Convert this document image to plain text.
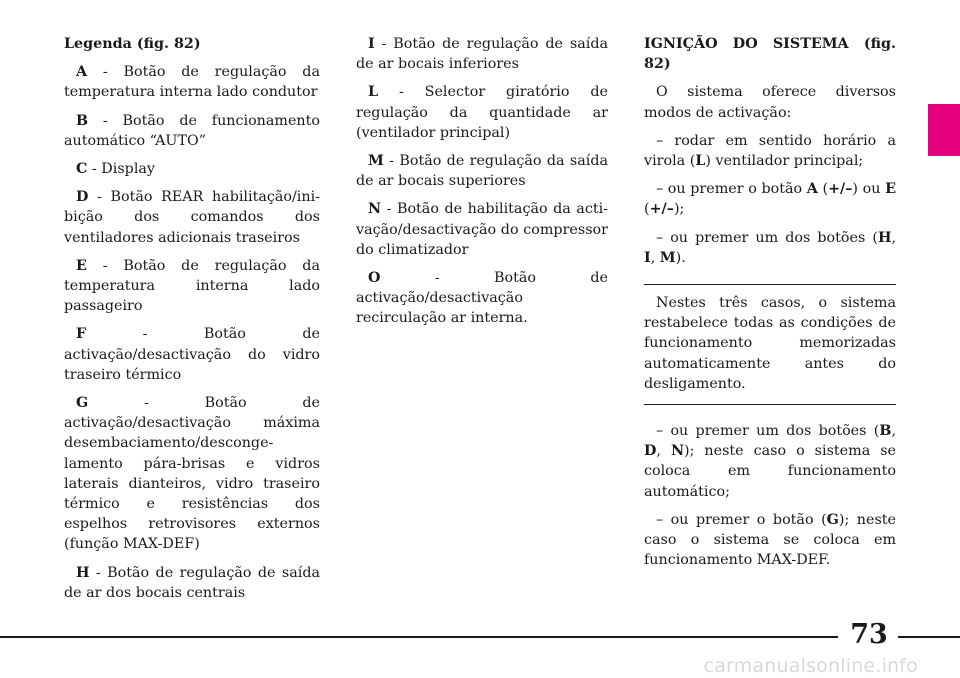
Legenda (fig. 82)

A - Botão de regulação da temperatura interna lado condutor

B - Botão de funcionamento automático “AUTO”

C - Display

D - Botão REAR habilitação/inibição dos comandos dos ventiladores adicionais traseiros

E - Botão de regulação da temperatura interna lado passageiro

F - Botão de activação/desactivação do vidro traseiro térmico

G - Botão de activação/desactivação máxima desembaciamento/descongelamento pára-brisas e vidros laterais dianteiros, vidro traseiro térmico e resistências dos espelhos retrovisores externos (função MAX-DEF)

H - Botão de regulação de saída de ar dos bocais centrais

I - Botão de regulação de saída de ar bocais inferiores

L - Selector giratório de regulação da quantidade ar (ventilador principal)

M - Botão de regulação da saída de ar bocais superiores

N - Botão de habilitação da activação/desactivação do compressor do climatizador

O - Botão de activação/desactivação recirculação ar interna.

IGNIÇÃO DO SISTEMA (fig. 82)

O sistema oferece diversos modos de activação:

– rodar em sentido horário a virola (L) ventilador principal;

– ou premer o botão A (+/–) ou E (+/–);

– ou premer um dos botões (H, I, M).

Nestes três casos, o sistema restabelece todas as condições de funcionamento memorizadas automaticamente antes do desligamento.

– ou premer um dos botões (B, D, N); neste caso o sistema se coloca em funcionamento automático;

– ou premer o botão (G); neste caso o sistema se coloca em funcionamento MAX-DEF.

73
carmanualsonline.info
